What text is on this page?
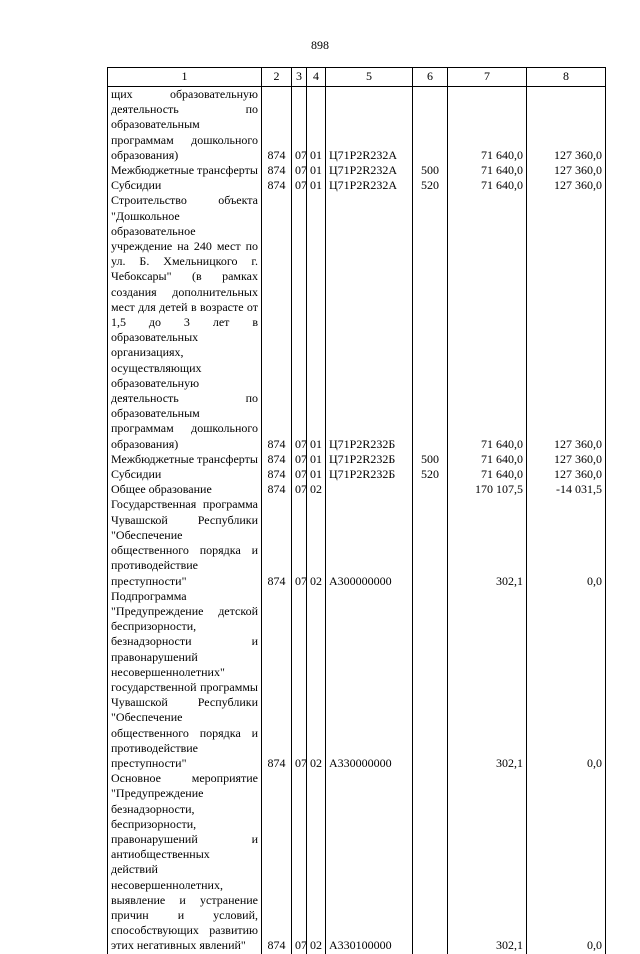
898
1	2	3	4	5	6	7	8
щих образовательную деятельность по образовательным программам дошкольного образования)	874	07	01	Ц71Р2R232А		71 640,0	127 360,0
Межбюджетные трансферты	874	07	01	Ц71Р2R232А	500	71 640,0	127 360,0
Субсидии	874	07	01	Ц71Р2R232А	520	71 640,0	127 360,0
Строительство объекта "Дошкольное образовательное учреждение на 240 мест по ул. Б. Хмельницкого г. Чебоксары" (в рамках создания дополнительных мест для детей в возрасте от 1,5 до 3 лет в образовательных организациях, осуществляющих образовательную деятельность по образовательным программам дошкольного образования)	874	07	01	Ц71Р2R232Б		71 640,0	127 360,0
Межбюджетные трансферты	874	07	01	Ц71Р2R232Б	500	71 640,0	127 360,0
Субсидии	874	07	01	Ц71Р2R232Б	520	71 640,0	127 360,0
Общее образование	874	07	02			170 107,5	-14 031,5
Государственная программа Чувашской Республики "Обеспечение общественного порядка и противодействие преступности"	874	07	02	А300000000		302,1	0,0
Подпрограмма "Предупреждение детской беспризорности, безнадзорности и правонарушений несовершеннолетних" государственной программы Чувашской Республики "Обеспечение общественного порядка и противодействие преступности"	874	07	02	А330000000		302,1	0,0
Основное мероприятие "Предупреждение безнадзорности, беспризорности, правонарушений и антиобщественных действий несовершеннолетних, выявление и устранение причин и условий, способствующих развитию этих негативных явлений"	874	07	02	А330100000		302,1	0,0
